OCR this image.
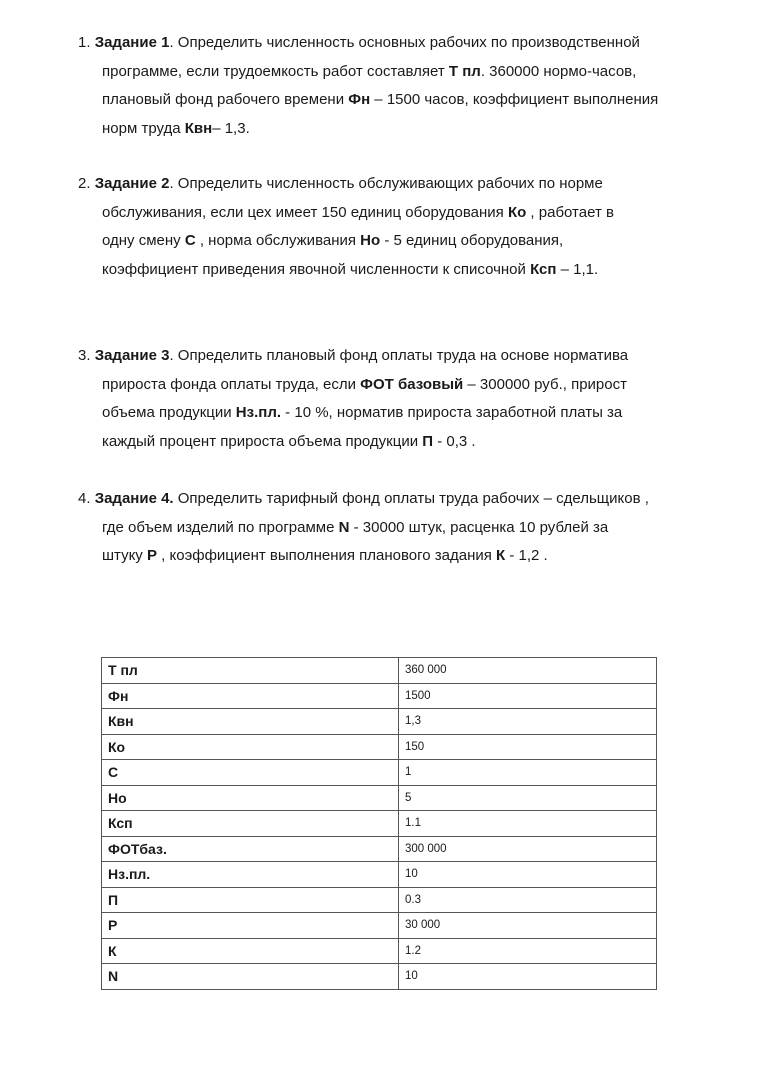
1. Задание 1. Определить численность основных рабочих по производственной
программе, если трудоемкость работ составляет Т пл. 360000 нормо-часов,
плановый фонд рабочего времени Фн – 1500 часов, коэффициент выполнения
норм труда Квн– 1,3.
2. Задание 2. Определить численность обслуживающих рабочих по норме
обслуживания, если цех имеет 150 единиц оборудования Ко , работает в
одну смену С , норма обслуживания Но - 5 единиц оборудования,
коэффициент приведения явочной численности к списочной Ксп – 1,1.
3. Задание 3. Определить плановый фонд оплаты труда на основе норматива
прироста фонда оплаты труда, если ФОТ базовый – 300000 руб., прирост
объема продукции Нз.пл. - 10 %, норматив прироста заработной платы за
каждый процент прироста объема продукции П - 0,3 .
4. Задание 4. Определить тарифный фонд оплаты труда рабочих – сдельщиков ,
где объем изделий по программе N - 30000 штук, расценка 10 рублей за
штуку Р , коэффициент выполнения планового задания К - 1,2 .
Т пл	360 000
Фн	1500
Квн	1,3
Ко	150
С	1
Но	5
Ксп	1.1
ФОТбаз.	300 000
Нз.пл.	10
П	0.3
Р	30 000
К	1.2
N	10
